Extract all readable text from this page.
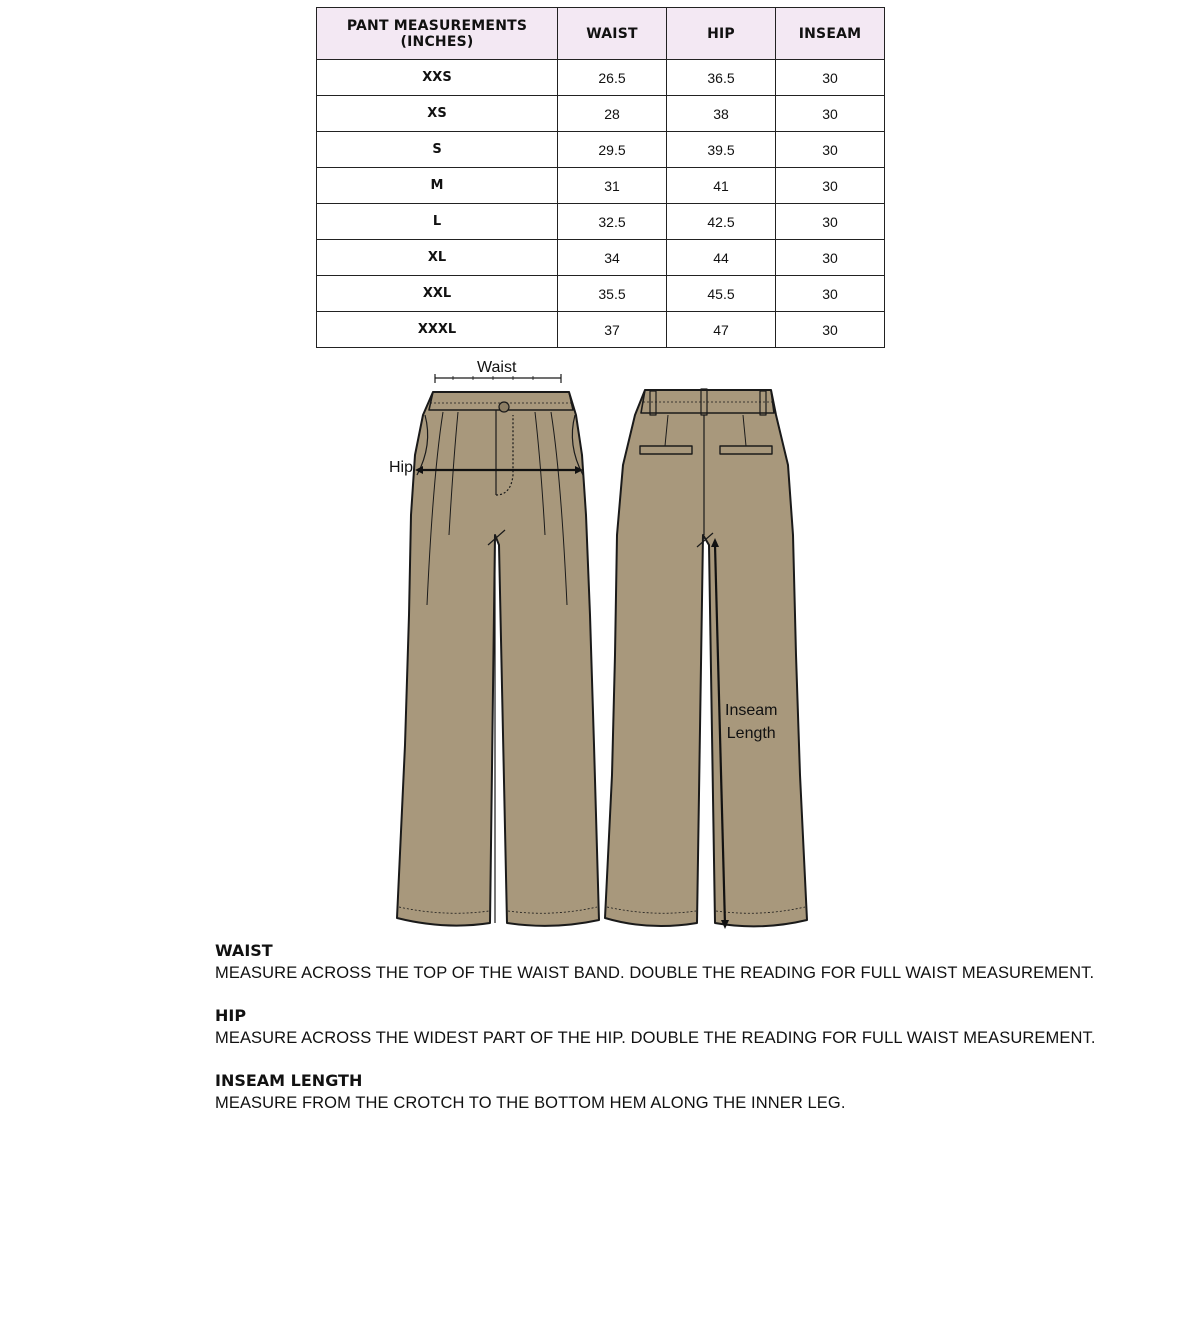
PANT MEASUREMENTS (INCHES)	WAIST	HIP	INSEAM
XXS	26.5	36.5	30
XS	28	38	30
S	29.5	39.5	30
M	31	41	30
L	32.5	42.5	30
XL	34	44	30
XXL	35.5	45.5	30
XXXL	37	47	30
Waist
Hip
Inseam
Length
WAIST
MEASURE ACROSS THE TOP OF THE WAIST BAND. DOUBLE THE READING FOR FULL WAIST MEASUREMENT.
HIP
MEASURE ACROSS THE WIDEST PART OF THE HIP. DOUBLE THE READING FOR FULL WAIST MEASUREMENT.
INSEAM LENGTH
MEASURE FROM THE CROTCH TO THE BOTTOM HEM ALONG THE INNER LEG.
